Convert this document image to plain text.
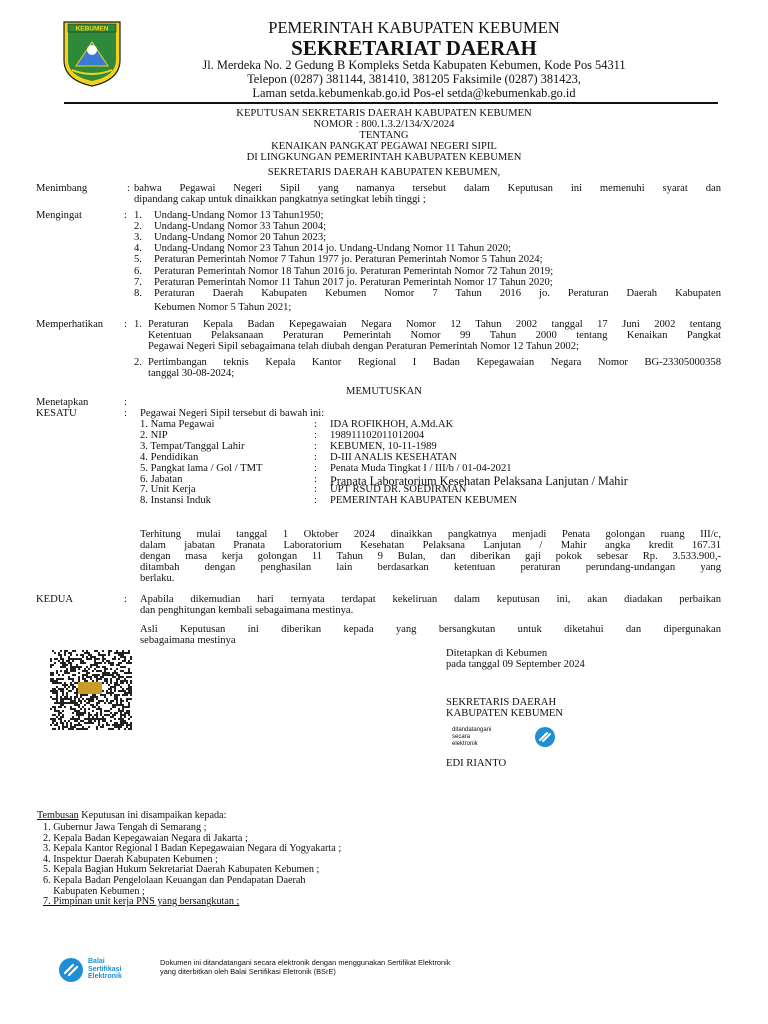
KEBUMEN	PEMERINTAH KABUPATEN KEBUMEN
SEKRETARIAT DAERAH
Jl. Merdeka No. 2 Gedung B Kompleks Setda Kabupaten Kebumen, Kode Pos 54311
Telepon (0287) 381144, 381410, 381205 Faksimile (0287) 381423,
Laman setda.kebumenkab.go.id Pos-el setda@kebumenkab.go.id
KEPUTUSAN SEKRETARIS DAERAH KABUPATEN KEBUMEN
NOMOR : 800.1.3.2/134/X/2024
TENTANG
KENAIKAN PANGKAT PEGAWAI NEGERI SIPIL
DI LINGKUNGAN PEMERINTAH KABUPATEN KEBUMEN
SEKRETARIS DAERAH KABUPATEN KEBUMEN,
Menimbang	: bahwa Pegawai Negeri Sipil yang namanya tersebut dalam Keputusan ini memenuhi syarat dan
dipandang cakap untuk dinaikkan pangkatnya setingkat lebih tinggi ;
Mengingat	: 1. Undang-Undang Nomor 13 Tahun1950;
2. Undang-Undang Nomor 33 Tahun 2004;
3. Undang-Undang Nomor 20 Tahun 2023;
4. Undang-Undang Nomor 23 Tahun 2014 jo. Undang-Undang Nomor 11 Tahun 2020;
5. Peraturan Pemerintah Nomor 7 Tahun 1977 jo. Peraturan Pemerintah Nomor 5 Tahun 2024;
6. Peraturan Pemerintah Nomor 18 Tahun 2016 jo. Peraturan Pemerintah Nomor 72 Tahun 2019;
7. Peraturan Pemerintah Nomor 11 Tahun 2017 jo. Peraturan Pemerintah Nomor 17 Tahun 2020;
8. Peraturan Daerah Kabupaten Kebumen Nomor 7 Tahun 2016 jo. Peraturan Daerah Kabupaten
Kebumen Nomor 5 Tahun 2021;
Memperhatikan : 1. Peraturan Kepala Badan Kepegawaian Negara Nomor 12 Tahun 2002 tanggal 17 Juni 2002 tentang
Ketentuan Pelaksanaan Peraturan Pemerintah Nomor 99 Tahun 2000 tentang Kenaikan Pangkat
Pegawai Negeri Sipil sebagaimana telah diubah dengan Peraturan Pemerintah Nomor 12 Tahun 2002;
2. Pertimbangan teknis Kepala Kantor Regional I Badan Kepegawaian Negara Nomor BG-23305000358
tanggal 30-08-2024;
MEMUTUSKAN
Menetapkan	:
KESATU	: Pegawai Negeri Sipil tersebut di bawah ini:
1. Nama Pegawai	: IDA ROFIKHOH, A.Md.AK
2. NIP	: 198911102011012004
3. Tempat/Tanggal Lahir	: KEBUMEN, 10-11-1989
4. Pendidikan	: D-III ANALIS KESEHATAN
5. Pangkat lama / Gol / TMT	: Penata Muda Tingkat I / III/b / 01-04-2021
6. Jabatan	: Pranata Laboratorium Kesehatan Pelaksana Lanjutan / Mahir
7. Unit Kerja	: UPT RSUD DR. SOEDIRMAN
8. Instansi Induk	: PEMERINTAH KABUPATEN KEBUMEN
Terhitung mulai tanggal 1 Oktober 2024 dinaikkan pangkatnya menjadi Penata golongan ruang III/c,
dalam jabatan Pranata Laboratorium Kesehatan Pelaksana Lanjutan / Mahir angka kredit 167.31
dengan masa kerja golongan 11 Tahun 9 Bulan, dan diberikan gaji pokok sebesar Rp. 3.533.900,-
ditambah dengan penghasilan lain berdasarkan ketentuan peraturan perundang-undangan yang
berlaku.
KEDUA	: Apabila dikemudian hari ternyata terdapat kekeliruan dalam keputusan ini, akan diadakan perbaikan
dan penghitungan kembali sebagaimana mestinya.
Asli Keputusan ini diberikan kepada yang bersangkutan untuk diketahui dan dipergunakan
sebagaimana mestinya
Ditetapkan di Kebumen
pada tanggal 09 September 2024
SEKRETARIS DAERAH
KABUPATEN KEBUMEN
ditandatangani
secara
elektronik
EDI RIANTO
Tembusan Keputusan ini disampaikan kepada:
1. Gubernur Jawa Tengah di Semarang ;
2. Kepala Badan Kepegawaian Negara di Jakarta ;
3. Kepala Kantor Regional I Badan Kepegawaian Negara di Yogyakarta ;
4. Inspektur Daerah Kabupaten Kebumen ;
5. Kepala Bagian Hukum Sekretariat Daerah Kabupaten Kebumen ;
6. Kepala Badan Pengelolaan Keuangan dan Pendapatan Daerah
Kabupaten Kebumen ;
7. Pimpinan unit kerja PNS yang bersangkutan ;
Balai
Sertifikasi
Elektronik
Dokumen ini ditandatangani secara elektronik dengan menggunakan Sertifikat Elektronik
yang diterbitkan oleh Balai Sertifikasi Eletronik (BSrE)
